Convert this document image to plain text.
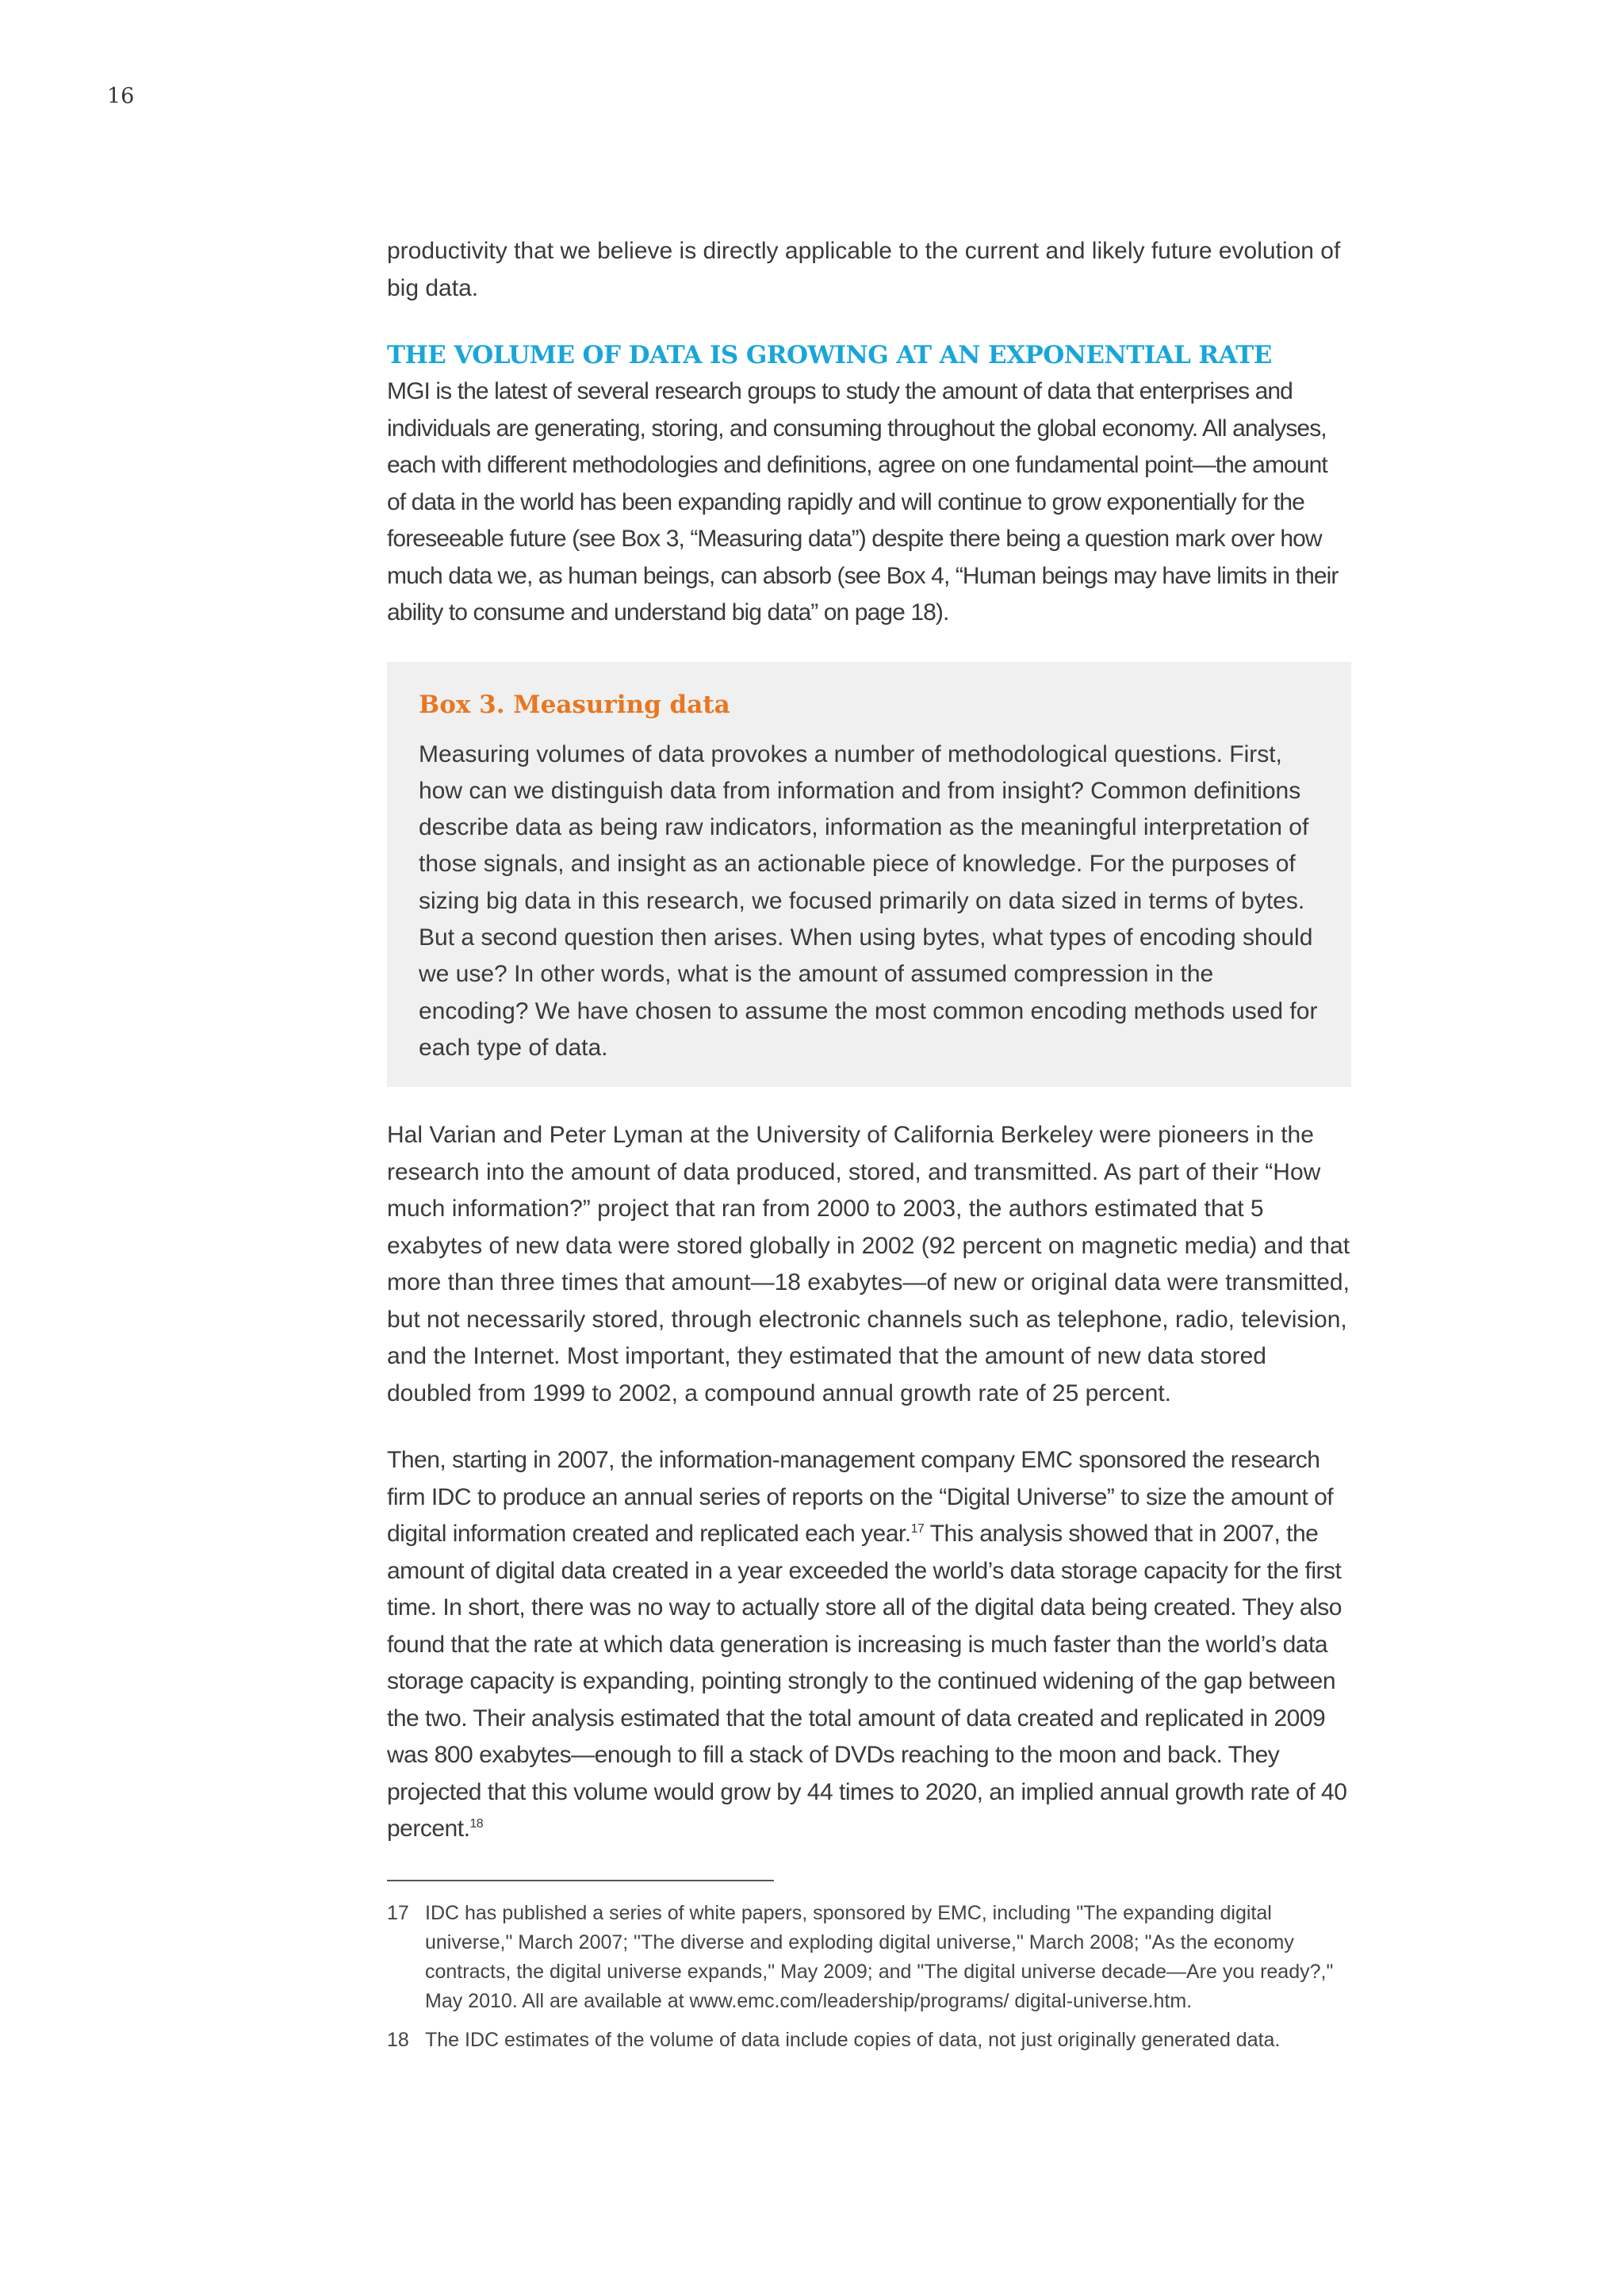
16

productivity that we believe is directly applicable to the current and likely future evolution of big data.

THE VOLUME OF DATA IS GROWING AT AN EXPONENTIAL RATE

MGI is the latest of several research groups to study the amount of data that enterprises and individuals are generating, storing, and consuming throughout the global economy. All analyses, each with different methodologies and definitions, agree on one fundamental point—the amount of data in the world has been expanding rapidly and will continue to grow exponentially for the foreseeable future (see Box 3, “Measuring data”) despite there being a question mark over how much data we, as human beings, can absorb (see Box 4, “Human beings may have limits in their ability to consume and understand big data” on page 18).

Box 3. Measuring data

Measuring volumes of data provokes a number of methodological questions. First, how can we distinguish data from information and from insight? Common definitions describe data as being raw indicators, information as the meaningful interpretation of those signals, and insight as an actionable piece of knowledge. For the purposes of sizing big data in this research, we focused primarily on data sized in terms of bytes. But a second question then arises. When using bytes, what types of encoding should we use? In other words, what is the amount of assumed compression in the encoding? We have chosen to assume the most common encoding methods used for each type of data.

Hal Varian and Peter Lyman at the University of California Berkeley were pioneers in the research into the amount of data produced, stored, and transmitted. As part of their “How much information?” project that ran from 2000 to 2003, the authors estimated that 5 exabytes of new data were stored globally in 2002 (92 percent on magnetic media) and that more than three times that amount—18 exabytes—of new or original data were transmitted, but not necessarily stored, through electronic channels such as telephone, radio, television, and the Internet. Most important, they estimated that the amount of new data stored doubled from 1999 to 2002, a compound annual growth rate of 25 percent.

Then, starting in 2007, the information-management company EMC sponsored the research firm IDC to produce an annual series of reports on the “Digital Universe” to size the amount of digital information created and replicated each year.$^{17}$ This analysis showed that in 2007, the amount of digital data created in a year exceeded the world’s data storage capacity for the first time. In short, there was no way to actually store all of the digital data being created. They also found that the rate at which data generation is increasing is much faster than the world’s data storage capacity is expanding, pointing strongly to the continued widening of the gap between the two. Their analysis estimated that the total amount of data created and replicated in 2009 was 800 exabytes—enough to fill a stack of DVDs reaching to the moon and back. They projected that this volume would grow by 44 times to 2020, an implied annual growth rate of 40 percent.$^{18}$

17 IDC has published a series of white papers, sponsored by EMC, including "The expanding digital universe," March 2007; "The diverse and exploding digital universe," March 2008; "As the economy contracts, the digital universe expands," May 2009; and "The digital universe decade—Are you ready?," May 2010. All are available at www.emc.com/leadership/programs/ digital-universe.htm.
18 The IDC estimates of the volume of data include copies of data, not just originally generated data.
